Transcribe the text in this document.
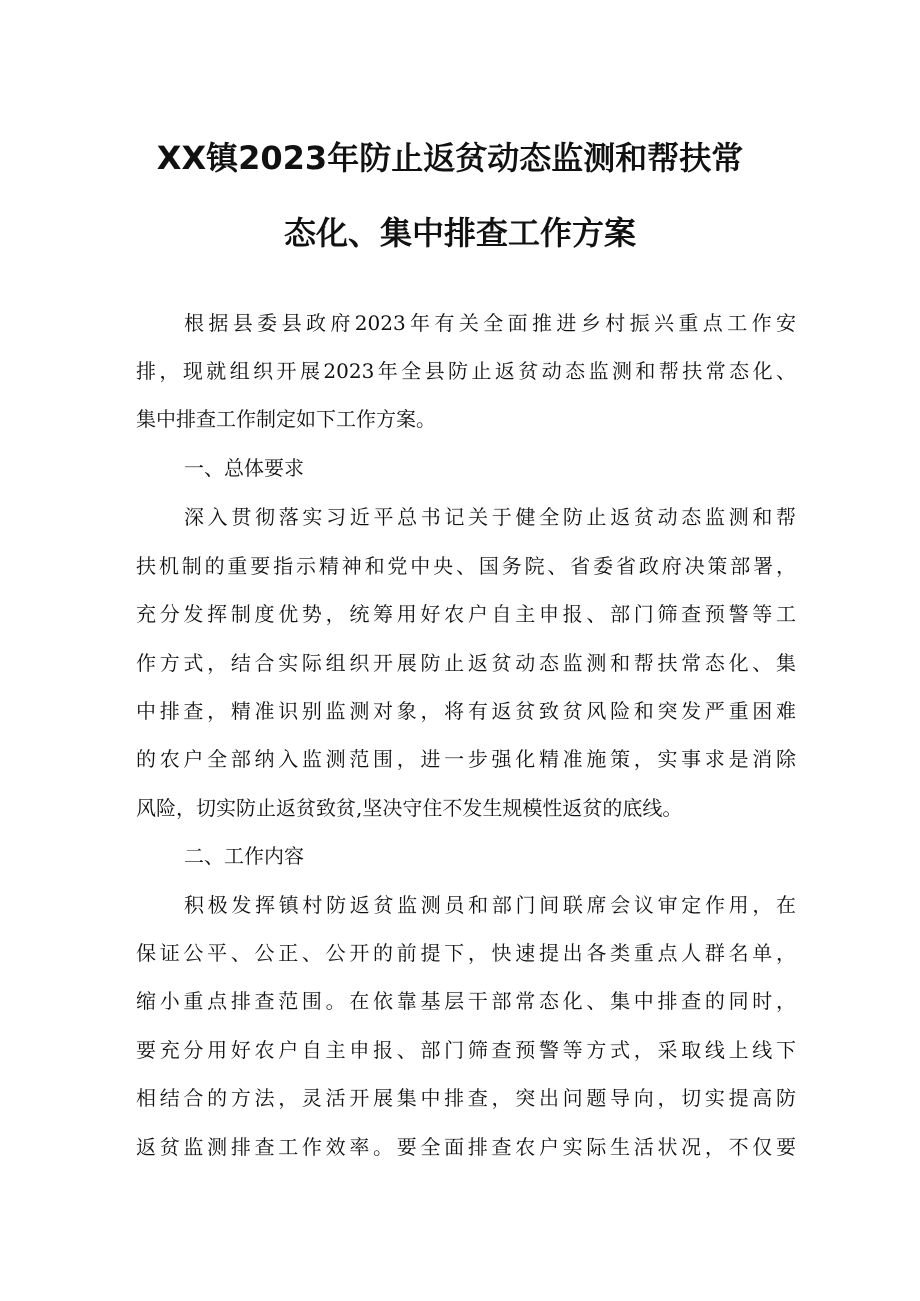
XX镇2023年防止返贫动态监测和帮扶常
态化、集中排查工作方案
根据县委县政府2023年有关全面推进乡村振兴重点工作安
排，现就组织开展2023年全县防止返贫动态监测和帮扶常态化、
集中排查工作制定如下工作方案。
一、总体要求
深入贯彻落实习近平总书记关于健全防止返贫动态监测和帮
扶机制的重要指示精神和党中央、国务院、省委省政府决策部署，
充分发挥制度优势，统筹用好农户自主申报、部门筛查预警等工
作方式，结合实际组织开展防止返贫动态监测和帮扶常态化、集
中排查，精准识别监测对象，将有返贫致贫风险和突发严重困难
的农户全部纳入监测范围，进一步强化精准施策，实事求是消除
风险，切实防止返贫致贫,坚决守住不发生规模性返贫的底线。
二、工作内容
积极发挥镇村防返贫监测员和部门间联席会议审定作用，在
保证公平、公正、公开的前提下，快速提出各类重点人群名单，
缩小重点排查范围。在依靠基层干部常态化、集中排查的同时，
要充分用好农户自主申报、部门筛查预警等方式，采取线上线下
相结合的方法，灵活开展集中排查，突出问题导向，切实提高防
返贫监测排查工作效率。要全面排查农户实际生活状况，不仅要
